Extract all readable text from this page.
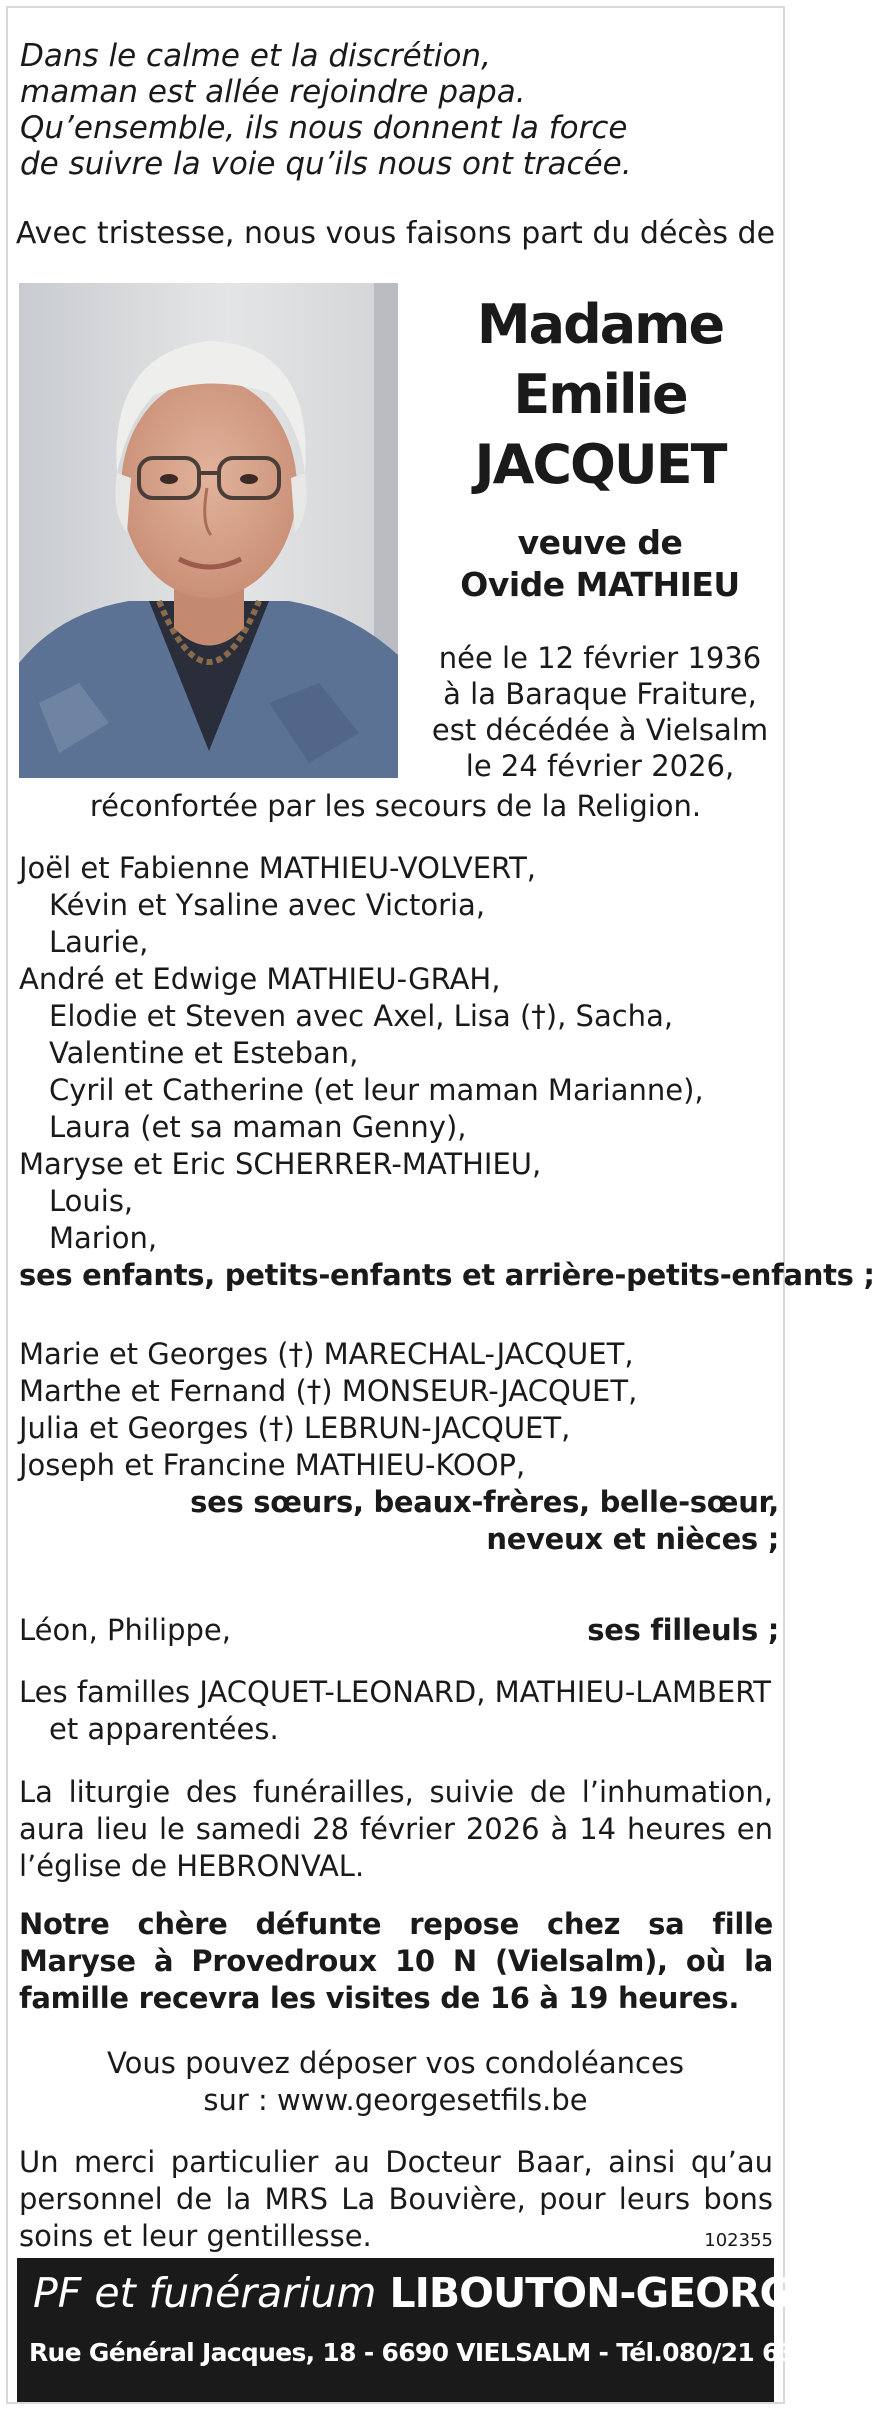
Dans le calme et la discrétion,
maman est allée rejoindre papa.
Qu’ensemble, ils nous donnent la force
de suivre la voie qu’ils nous ont tracée.
Avec tristesse, nous vous faisons part du décès de
Madame
Emilie
JACQUET
veuve de
Ovide MATHIEU
née le 12 février 1936
à la Baraque Fraiture,
est décédée à Vielsalm
le 24 février 2026,
réconfortée par les secours de la Religion.
Joël et Fabienne MATHIEU-VOLVERT,
Kévin et Ysaline avec Victoria,
Laurie,
André et Edwige MATHIEU-GRAH,
Elodie et Steven avec Axel, Lisa (†), Sacha,
Valentine et Esteban,
Cyril et Catherine (et leur maman Marianne),
Laura (et sa maman Genny),
Maryse et Eric SCHERRER-MATHIEU,
Louis,
Marion,
ses enfants, petits-enfants et arrière-petits-enfants ;
Marie et Georges (†) MARECHAL-JACQUET,
Marthe et Fernand (†) MONSEUR-JACQUET,
Julia et Georges (†) LEBRUN-JACQUET,
Joseph et Francine MATHIEU-KOOP,
ses sœurs, beaux-frères, belle-sœur,
neveux et nièces ;
Léon, Philippe,	ses filleuls ;
Les familles JACQUET-LEONARD, MATHIEU-LAMBERT
et apparentées.
La liturgie des funérailles, suivie de l’inhumation, aura lieu le samedi 28 février 2026 à 14 heures en l’église de HEBRONVAL.
Notre chère défunte repose chez sa fille Maryse à Provedroux 10 N (Vielsalm), où la famille recevra les visites de 16 à 19 heures.
Vous pouvez déposer vos condoléances
sur : www.georgesetfils.be
Un merci particulier au Docteur Baar, ainsi qu’au personnel de la MRS La Bouvière, pour leurs bons soins et leur gentillesse.	102355
PF et funérarium LIBOUTON-GEORGES
Rue Général Jacques, 18 - 6690 VIELSALM - Tél.080/21 63 31
